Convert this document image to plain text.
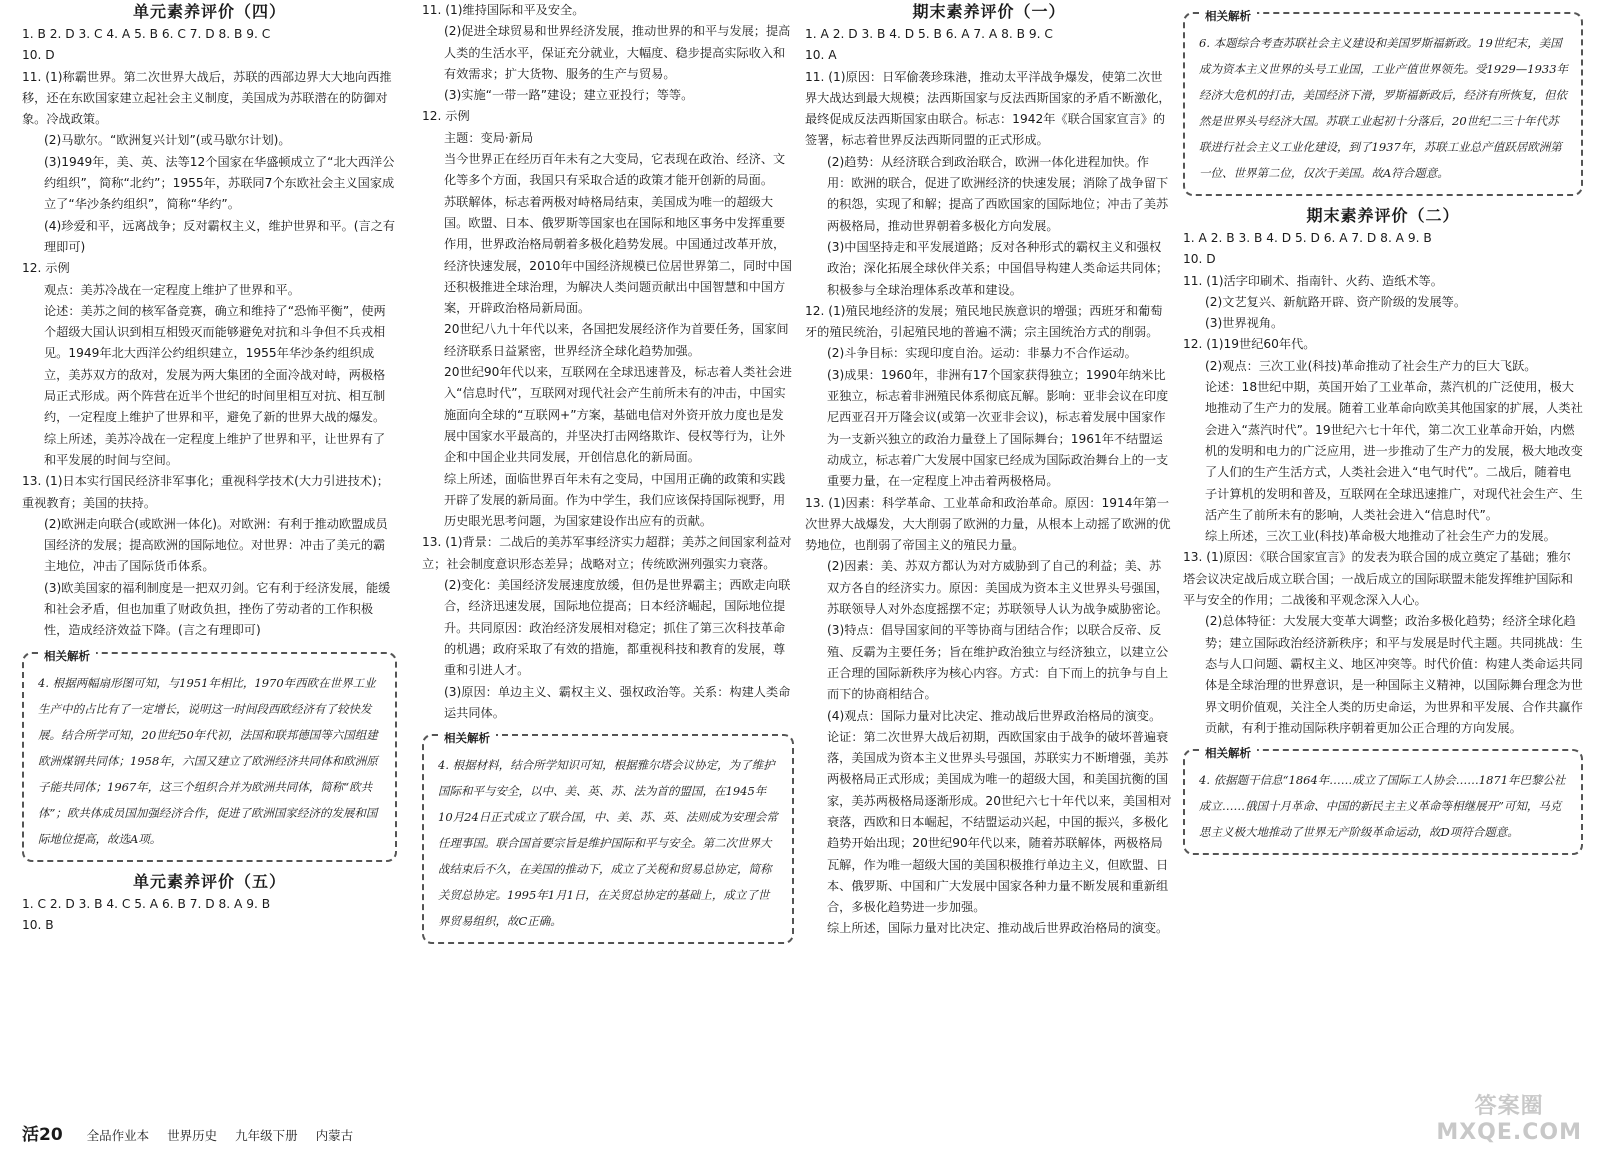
单元素养评价（四）

1. B 2. D 3. C 4. A 5. B 6. C 7. D 8. B 9. C

10. D

11. (1)称霸世界。第二次世界大战后，苏联的西部边界大大地向西推移，还在东欧国家建立起社会主义制度，美国成为苏联潜在的防御对象。冷战政策。

(2)马歇尔。“欧洲复兴计划”(或马歇尔计划)。

(3)1949年，美、英、法等12个国家在华盛顿成立了“北大西洋公约组织”，简称“北约”；1955年，苏联同7个东欧社会主义国家成立了“华沙条约组织”，简称“华约”。

(4)珍爱和平，远离战争；反对霸权主义，维护世界和平。(言之有理即可)

12. 示例

观点：美苏冷战在一定程度上维护了世界和平。

论述：美苏之间的核军备竞赛，确立和维持了“恐怖平衡”，使两个超级大国认识到相互相毁灭而能够避免对抗和斗争但不兵戎相见。1949年北大西洋公约组织建立，1955年华沙条约组织成立，美苏双方的敌对，发展为两大集团的全面冷战对峙，两极格局正式形成。两个阵营在近半个世纪的时间里相互对抗、相互制约，一定程度上维护了世界和平，避免了新的世界大战的爆发。

综上所述，美苏冷战在一定程度上维护了世界和平，让世界有了和平发展的时间与空间。

13. (1)日本实行国民经济非军事化；重视科学技术(大力引进技术)；重视教育；美国的扶持。

(2)欧洲走向联合(或欧洲一体化)。对欧洲：有利于推动欧盟成员国经济的发展；提高欧洲的国际地位。对世界：冲击了美元的霸主地位，冲击了国际货币体系。

(3)欧美国家的福利制度是一把双刃剑。它有利于经济发展，能缓和社会矛盾，但也加重了财政负担，挫伤了劳动者的工作积极性，造成经济效益下降。(言之有理即可)

相关解析
4. 根据两幅扇形图可知，与1951年相比，1970年西欧在世界工业生产中的占比有了一定增长，说明这一时间段西欧经济有了较快发展。结合所学可知，20世纪50年代初，法国和联邦德国等六国组建欧洲煤钢共同体；1958年，六国又建立了欧洲经济共同体和欧洲原子能共同体；1967年，这三个组织合并为欧洲共同体，简称“欧共体”；欧共体成员国加强经济合作，促进了欧洲国家经济的发展和国际地位提高，故选A项。
单元素养评价（五）

1. C 2. D 3. B 4. C 5. A 6. B 7. D 8. A 9. B

10. B

11. (1)维持国际和平及安全。

(2)促进全球贸易和世界经济发展，推动世界的和平与发展；提高人类的生活水平，保证充分就业，大幅度、稳步提高实际收入和有效需求；扩大货物、服务的生产与贸易。

(3)实施“一带一路”建设；建立亚投行；等等。

12. 示例

主题：变局·新局

当今世界正在经历百年未有之大变局，它表现在政治、经济、文化等多个方面，我国只有采取合适的政策才能开创新的局面。

苏联解体，标志着两极对峙格局结束，美国成为唯一的超级大国。欧盟、日本、俄罗斯等国家也在国际和地区事务中发挥重要作用，世界政治格局朝着多极化趋势发展。中国通过改革开放，经济快速发展，2010年中国经济规模已位居世界第二，同时中国还积极推进全球治理，为解决人类问题贡献出中国智慧和中国方案，开辟政治格局新局面。

20世纪八九十年代以来，各国把发展经济作为首要任务，国家间经济联系日益紧密，世界经济全球化趋势加强。

20世纪90年代以来，互联网在全球迅速普及，标志着人类社会进入“信息时代”，互联网对现代社会产生前所未有的冲击，中国实施面向全球的“互联网+”方案，基础电信对外资开放力度也是发展中国家水平最高的，并坚决打击网络欺诈、侵权等行为，让外企和中国企业共同发展，开创信息化的新局面。

综上所述，面临世界百年未有之变局，中国用正确的政策和实践开辟了发展的新局面。作为中学生，我们应该保持国际视野，用历史眼光思考问题，为国家建设作出应有的贡献。

13. (1)背景：二战后的美苏军事经济实力超群；美苏之间国家利益对立；社会制度意识形态差异；战略对立；传统欧洲列强实力衰落。

(2)变化：美国经济发展速度放缓，但仍是世界霸主；西欧走向联合，经济迅速发展，国际地位提高；日本经济崛起，国际地位提升。共同原因：政治经济发展相对稳定；抓住了第三次科技革命的机遇；政府采取了有效的措施，都重视科技和教育的发展，尊重和引进人才。

(3)原因：单边主义、霸权主义、强权政治等。关系：构建人类命运共同体。

相关解析
4. 根据材料，结合所学知识可知，根据雅尔塔会议协定，为了维护国际和平与安全，以中、美、英、苏、法为首的盟国，在1945年10月24日正式成立了联合国，中、美、苏、英、法则成为安理会常任理事国。联合国首要宗旨是维护国际和平与安全。第二次世界大战结束后不久，在美国的推动下，成立了关税和贸易总协定，简称关贸总协定。1995年1月1日，在关贸总协定的基础上，成立了世界贸易组织，故C正确。
期末素养评价（一）

1. A 2. D 3. B 4. D 5. B 6. A 7. A 8. B 9. C

10. A

11. (1)原因：日军偷袭珍珠港，推动太平洋战争爆发，使第二次世界大战达到最大规模；法西斯国家与反法西斯国家的矛盾不断激化，最终促成反法西斯国家由联合。标志：1942年《联合国家宣言》的签署，标志着世界反法西斯同盟的正式形成。

(2)趋势：从经济联合到政治联合，欧洲一体化进程加快。作用：欧洲的联合，促进了欧洲经济的快速发展；消除了战争留下的积怨，实现了和解；提高了西欧国家的国际地位；冲击了美苏两极格局，推动世界朝着多极化方向发展。

(3)中国坚持走和平发展道路；反对各种形式的霸权主义和强权政治；深化拓展全球伙伴关系；中国倡导构建人类命运共同体；积极参与全球治理体系改革和建设。

12. (1)殖民地经济的发展；殖民地民族意识的增强；西班牙和葡萄牙的殖民统治，引起殖民地的普遍不满；宗主国统治方式的削弱。

(2)斗争目标：实现印度自治。运动：非暴力不合作运动。

(3)成果：1960年，非洲有17个国家获得独立；1990年纳米比亚独立，标志着非洲殖民体系彻底瓦解。影响：亚非会议在印度尼西亚召开万隆会议(或第一次亚非会议)，标志着发展中国家作为一支新兴独立的政治力量登上了国际舞台；1961年不结盟运动成立，标志着广大发展中国家已经成为国际政治舞台上的一支重要力量，在一定程度上冲击着两极格局。

13. (1)因素：科学革命、工业革命和政治革命。原因：1914年第一次世界大战爆发，大大削弱了欧洲的力量，从根本上动摇了欧洲的优势地位，也削弱了帝国主义的殖民力量。

(2)因素：美、苏双方都认为对方威胁到了自己的利益；美、苏双方各自的经济实力。原因：美国成为资本主义世界头号强国，苏联领导人对外态度摇摆不定；苏联领导人认为战争威胁密论。

(3)特点：倡导国家间的平等协商与团结合作；以联合反帝、反殖、反霸为主要任务；旨在维护政治独立与经济独立，以建立公正合理的国际新秩序为核心内容。方式：自下而上的抗争与自上而下的协商相结合。

(4)观点：国际力量对比决定、推动战后世界政治格局的演变。

论证：第二次世界大战后初期，西欧国家由于战争的破坏普遍衰落，美国成为资本主义世界头号强国，苏联实力不断增强，美苏两极格局正式形成；美国成为唯一的超级大国，和美国抗衡的国家，美苏两极格局逐渐形成。20世纪六七十年代以来，美国相对衰落，西欧和日本崛起，不结盟运动兴起，中国的振兴，多极化趋势开始出现；20世纪90年代以来，随着苏联解体，两极格局瓦解，作为唯一超级大国的美国积极推行单边主义，但欧盟、日本、俄罗斯、中国和广大发展中国家各种力量不断发展和重新组合，多极化趋势进一步加强。

综上所述，国际力量对比决定、推动战后世界政治格局的演变。

相关解析
6. 本题综合考查苏联社会主义建设和美国罗斯福新政。19世纪末，美国成为资本主义世界的头号工业国，工业产值世界领先。受1929—1933年经济大危机的打击，美国经济下滑，罗斯福新政后，经济有所恢复，但依然是世界头号经济大国。苏联工业起初十分落后，20世纪二三十年代苏联进行社会主义工业化建设，到了1937年，苏联工业总产值跃居欧洲第一位、世界第二位，仅次于美国。故A符合题意。
期末素养评价（二）

1. A 2. B 3. B 4. D 5. D 6. A 7. D 8. A 9. B

10. D

11. (1)活字印刷术、指南针、火药、造纸术等。

(2)文艺复兴、新航路开辟、资产阶级的发展等。

(3)世界视角。

12. (1)19世纪60年代。

(2)观点：三次工业(科技)革命推动了社会生产力的巨大飞跃。

论述：18世纪中期，英国开始了工业革命，蒸汽机的广泛使用，极大地推动了生产力的发展。随着工业革命向欧美其他国家的扩展，人类社会进入“蒸汽时代”。19世纪六七十年代，第二次工业革命开始，内燃机的发明和电力的广泛应用，进一步推动了生产力的发展，极大地改变了人们的生产生活方式，人类社会进入“电气时代”。二战后，随着电子计算机的发明和普及，互联网在全球迅速推广，对现代社会生产、生活产生了前所未有的影响，人类社会进入“信息时代”。

综上所述，三次工业(科技)革命极大地推动了社会生产力的发展。

13. (1)原因：《联合国家宣言》的发表为联合国的成立奠定了基础；雅尔塔会议决定战后成立联合国；一战后成立的国际联盟未能发挥维护国际和平与安全的作用；二战後和平观念深入人心。

(2)总体特征：大发展大变革大调整；政治多极化趋势；经济全球化趋势；建立国际政治经济新秩序；和平与发展是时代主题。共同挑战：生态与人口问题、霸权主义、地区冲突等。时代价值：构建人类命运共同体是全球治理的世界意识，是一种国际主义精神，以国际舞台理念为世界文明价值观，关注全人类的历史命运，为世界和平发展、合作共赢作贡献，有利于推动国际秩序朝着更加公正合理的方向发展。

相关解析
4. 依据题干信息“1864年……成立了国际工人协会……1871年巴黎公社成立……俄国十月革命、中国的新民主主义革命等相继展开”可知，马克思主义极大地推动了世界无产阶级革命运动，故D项符合题意。
活20 全品作业本 世界历史 九年级下册 内蒙古
答案圈
MXQE.COM
